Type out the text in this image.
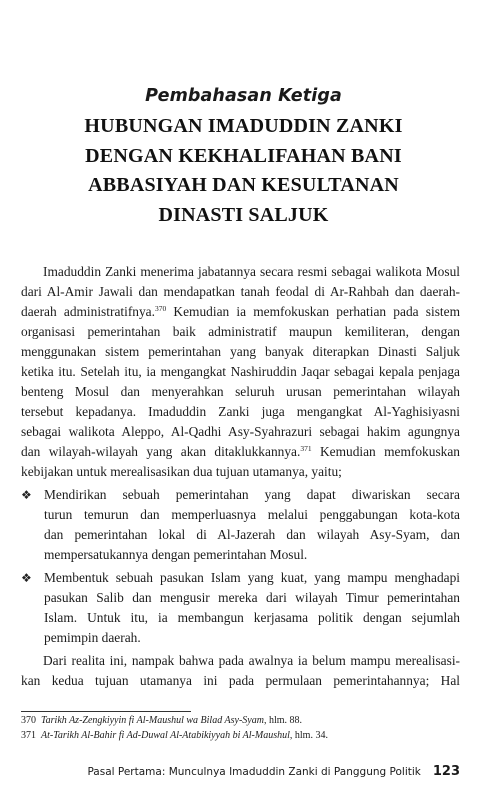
Pembahasan Ketiga
HUBUNGAN IMADUDDIN ZANKI
DENGAN KEKHALIFAHAN BANI
ABBASIYAH DAN KESULTANAN
DINASTI SALJUK

Imaduddin Zanki menerima jabatannya secara resmi sebagai walikota Mosul
dari Al-Amir Jawali dan mendapatkan tanah feodal di Ar-Rahbah dan daerah-
daerah administratifnya.$^{370}$ Kemudian ia memfokuskan perhatian pada sistem
organisasi pemerintahan baik administratif maupun kemiliteran, dengan
menggunakan sistem pemerintahan yang banyak diterapkan Dinasti Saljuk
ketika itu. Setelah itu, ia mengangkat Nashiruddin Jaqar sebagai kepala penjaga
benteng Mosul dan menyerahkan seluruh urusan pemerintahan wilayah
tersebut kepadanya. Imaduddin Zanki juga mengangkat Al-Yaghisiyasni
sebagai walikota Aleppo, Al-Qadhi Asy-Syahrazuri sebagai hakim agungnya
dan wilayah-wilayah yang akan ditaklukkannya.$^{371}$ Kemudian memfokuskan
kebijakan untuk merealisasikan dua tujuan utamanya, yaitu;

❖ Mendirikan sebuah pemerintahan yang dapat diwariskan secara
turun temurun dan memperluasnya melalui penggabungan kota-kota
dan pemerintahan lokal di Al-Jazerah dan wilayah Asy-Syam, dan
mempersatukannya dengan pemerintahan Mosul.
❖ Membentuk sebuah pasukan Islam yang kuat, yang mampu menghadapi
pasukan Salib dan mengusir mereka dari wilayah Timur pemerintahan
Islam. Untuk itu, ia membangun kerjasama politik dengan sejumlah
pemimpin daerah.

Dari realita ini, nampak bahwa pada awalnya ia belum mampu merealisasi-
kan kedua tujuan utamanya ini pada permulaan pemerintahannya; Hal

370 Tarikh Az-Zengkiyyin fi Al-Maushul wa Bilad Asy-Syam, hlm. 88.
371 At-Tarikh Al-Bahir fi Ad-Duwal Al-Atabikiyyah bi Al-Maushul, hlm. 34.
Pasal Pertama: Munculnya Imaduddin Zanki di Panggung Politik 123
